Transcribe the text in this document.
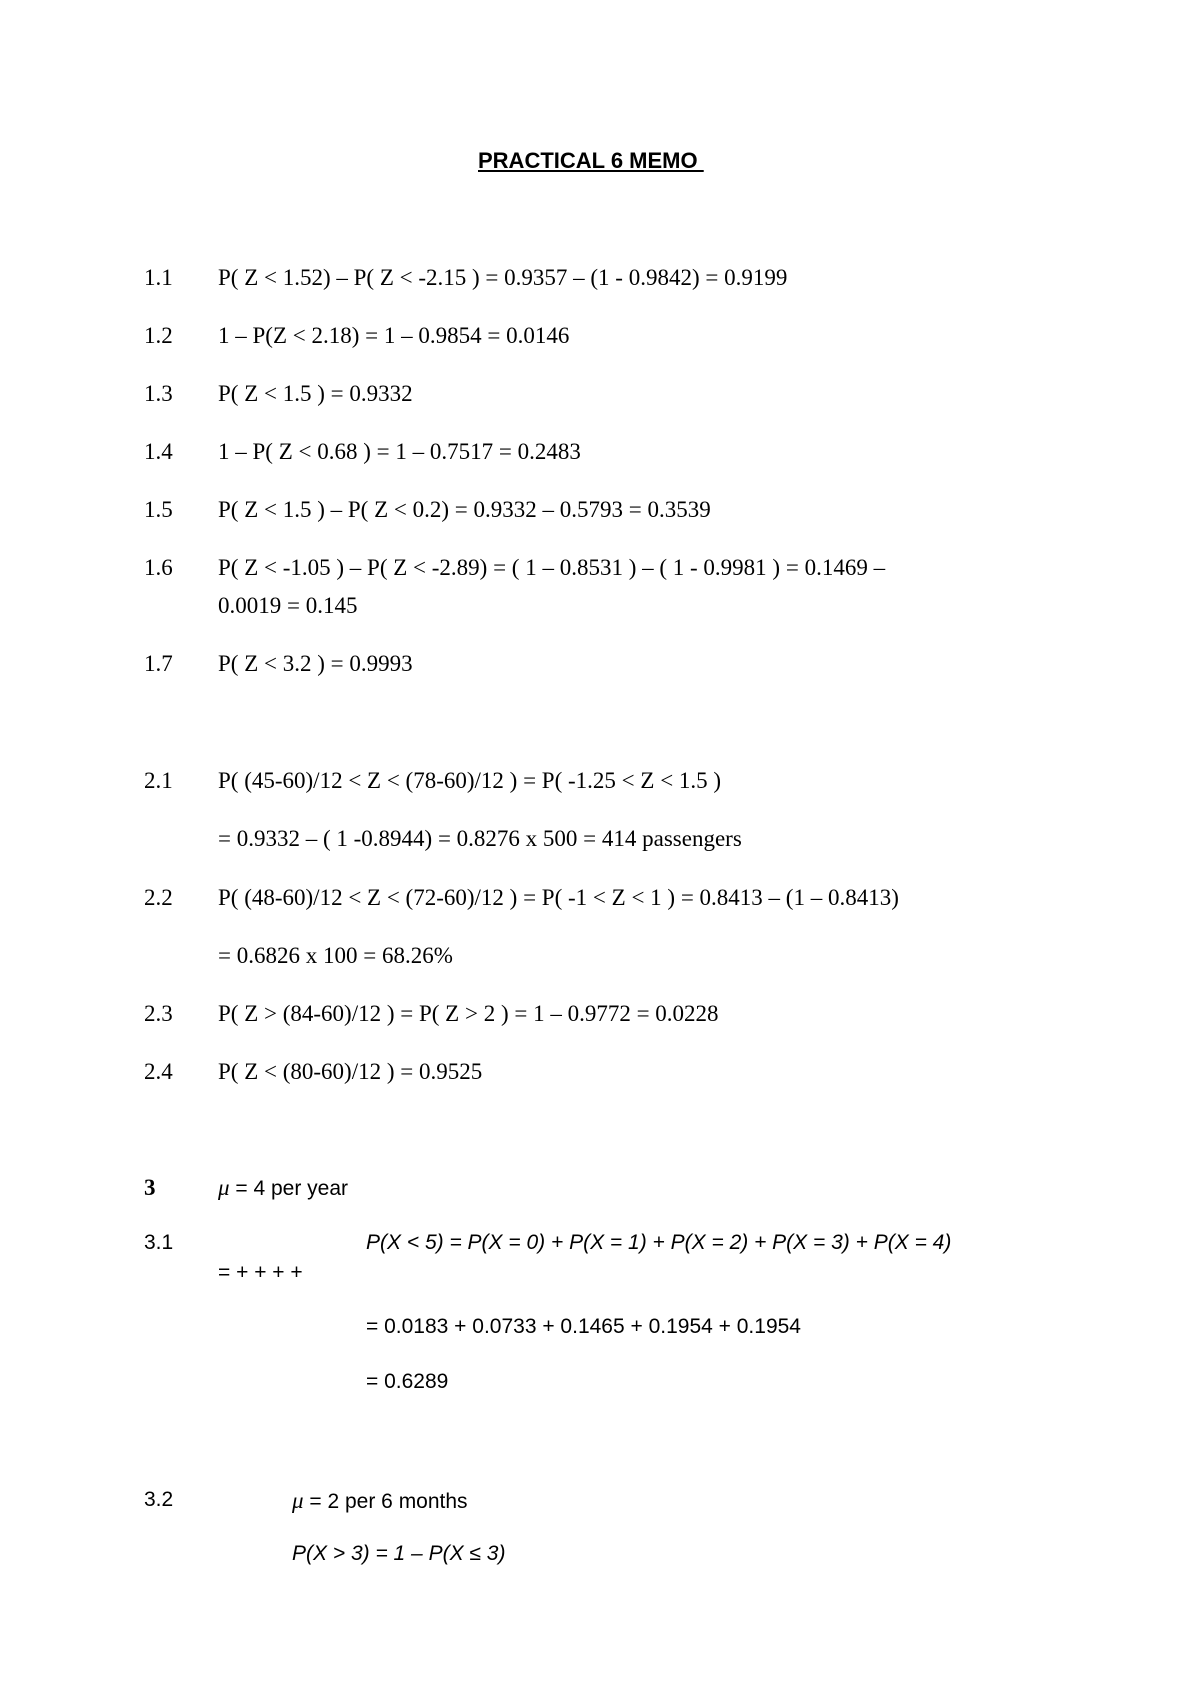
PRACTICAL 6 MEMO
1.1 P( Z < 1.52) – P( Z < -2.15 ) = 0.9357 – (1 - 0.9842) = 0.9199
1.2 1 – P(Z < 2.18) = 1 – 0.9854 = 0.0146
1.3 P( Z < 1.5 ) = 0.9332
1.4 1 – P( Z < 0.68 ) = 1 – 0.7517 = 0.2483
1.5 P( Z < 1.5 ) – P( Z < 0.2) = 0.9332 – 0.5793 = 0.3539
1.6 P( Z < -1.05 ) – P( Z < -2.89) = ( 1 – 0.8531 ) – ( 1 - 0.9981 ) = 0.1469 –
0.0019 = 0.145
1.7 P( Z < 3.2 ) = 0.9993
2.1 P( (45-60)/12 < Z < (78-60)/12 ) = P( -1.25 < Z < 1.5 )
= 0.9332 – ( 1 -0.8944) = 0.8276 x 500 = 414 passengers
2.2 P( (48-60)/12 < Z < (72-60)/12 ) = P( -1 < Z < 1 ) = 0.8413 – (1 – 0.8413)
= 0.6826 x 100 = 68.26%
2.3 P( Z > (84-60)/12 ) = P( Z > 2 ) = 1 – 0.9772 = 0.0228
2.4 P( Z < (80-60)/12 ) = 0.9525
3	μ = 4 per year
3.1	P(X < 5) = P(X = 0) + P(X = 1) + P(X = 2) + P(X = 3) + P(X = 4)
= + + + +
= 0.0183 + 0.0733 + 0.1465 + 0.1954 + 0.1954
= 0.6289
3.2	μ = 2 per 6 months
P(X > 3) = 1 – P(X ≤ 3)
